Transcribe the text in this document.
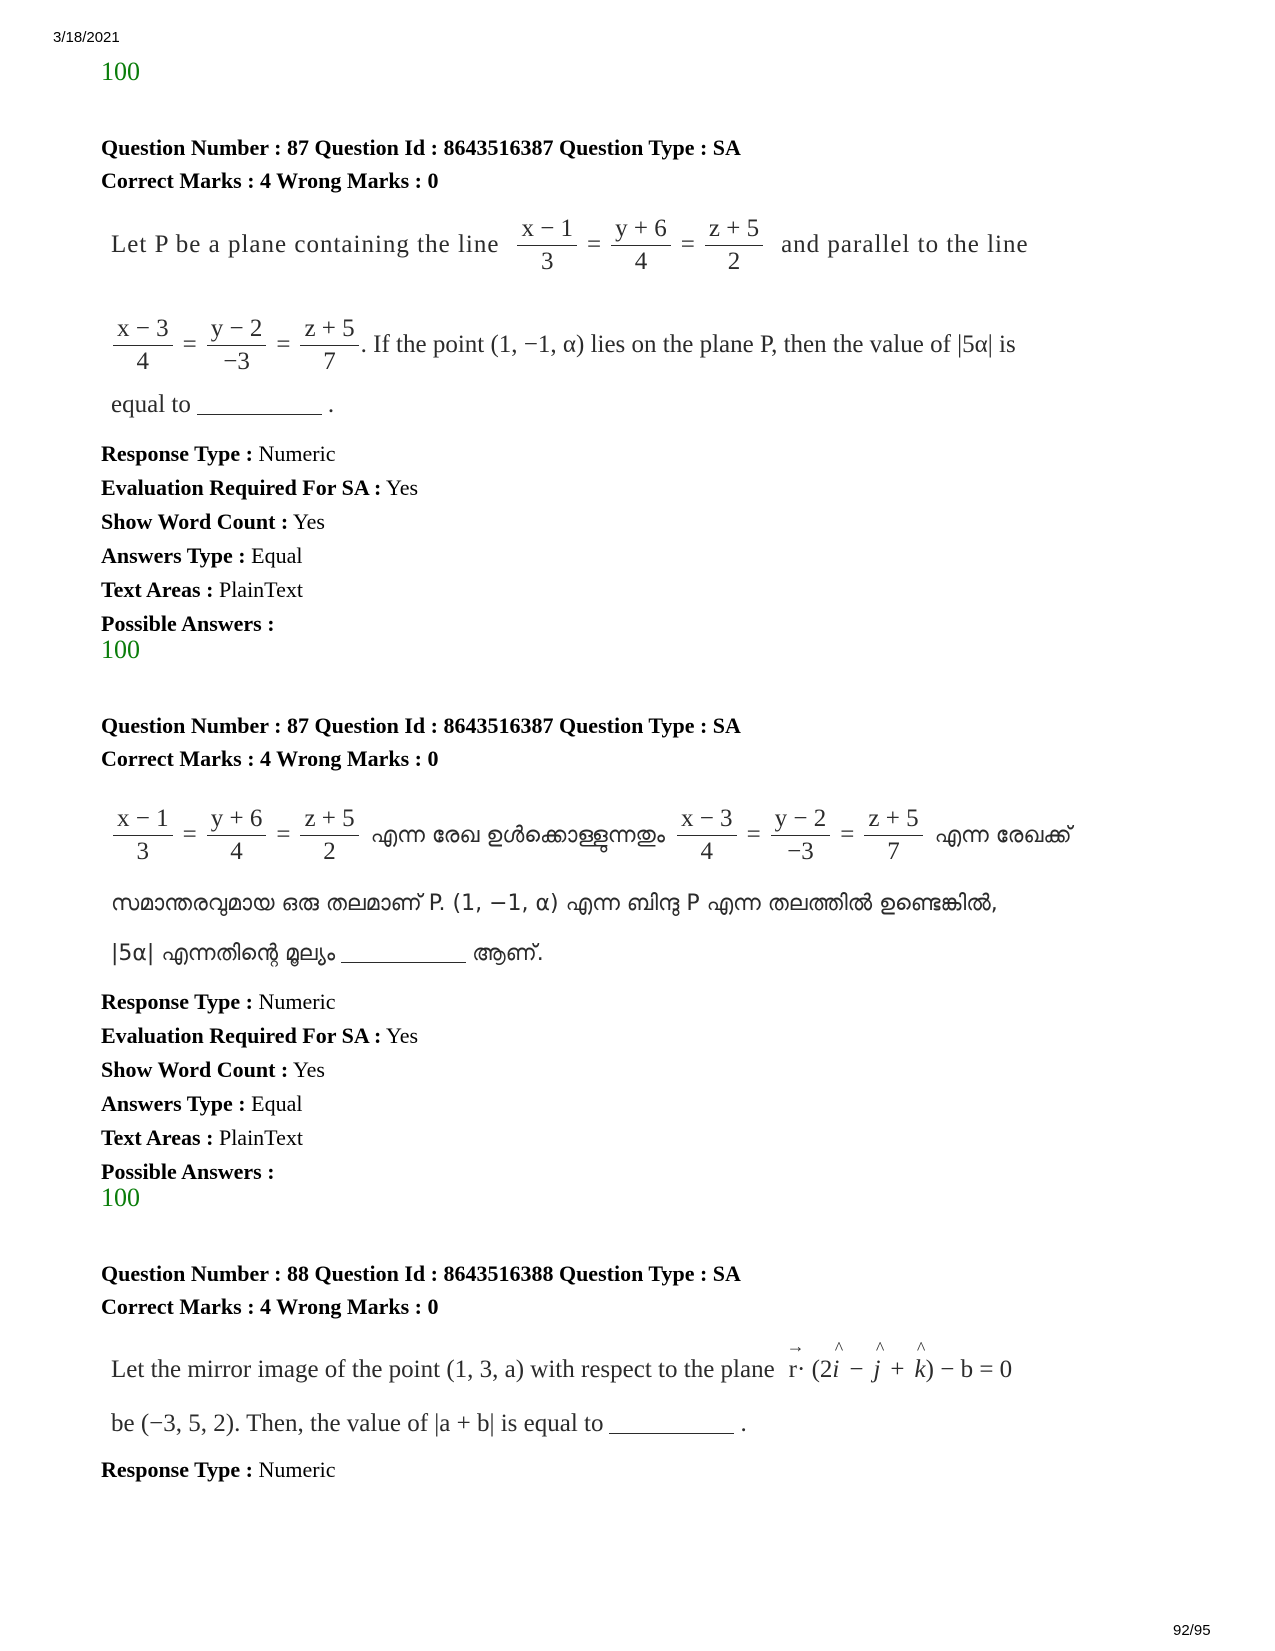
3/18/2021
100
Question Number : 87 Question Id : 8643516387 Question Type : SA
Correct Marks : 4 Wrong Marks : 0
Let P be a plane containing the line $\frac{x - 1}{3} = \frac{y + 6}{4} = \frac{z + 5}{2}$ and parallel to the line
$\frac{x - 3}{4} = \frac{y - 2}{-3} = \frac{z + 5}{7}$ . If the point (1, −1, α) lies on the plane P, then the value of |5α| is
equal to	.
Response Type : Numeric
Evaluation Required For SA : Yes
Show Word Count : Yes
Answers Type : Equal
Text Areas : PlainText
Possible Answers :
100
Question Number : 87 Question Id : 8643516387 Question Type : SA
Correct Marks : 4 Wrong Marks : 0
$\frac{x - 1}{3} = \frac{y + 6}{4} = \frac{z + 5}{2}$ എന്ന രേഖ ഉൾക്കൊള്ളുന്നതും $\frac{x - 3}{4} = \frac{y - 2}{-3} = \frac{z + 5}{7}$ എന്ന രേഖക്ക്
സമാന്തരവുമായ ഒരു തലമാണ് P. (1, −1, α) എന്ന ബിന്ദു P എന്ന തലത്തിൽ ഉണ്ടെങ്കിൽ,
|5α| എന്നതിന്റെ മൂല്യം	ആണ്.
Response Type : Numeric
Evaluation Required For SA : Yes
Show Word Count : Yes
Answers Type : Equal
Text Areas : PlainText
Possible Answers :
100
Question Number : 88 Question Id : 8643516388 Question Type : SA
Correct Marks : 4 Wrong Marks : 0
Let the mirror image of the point (1, 3, a) with respect to the plane → r · (2 ^ i − ^ j + ^ k ) − b = 0
be (−3, 5, 2). Then, the value of |a + b| is equal to	.
Response Type : Numeric
92/95
